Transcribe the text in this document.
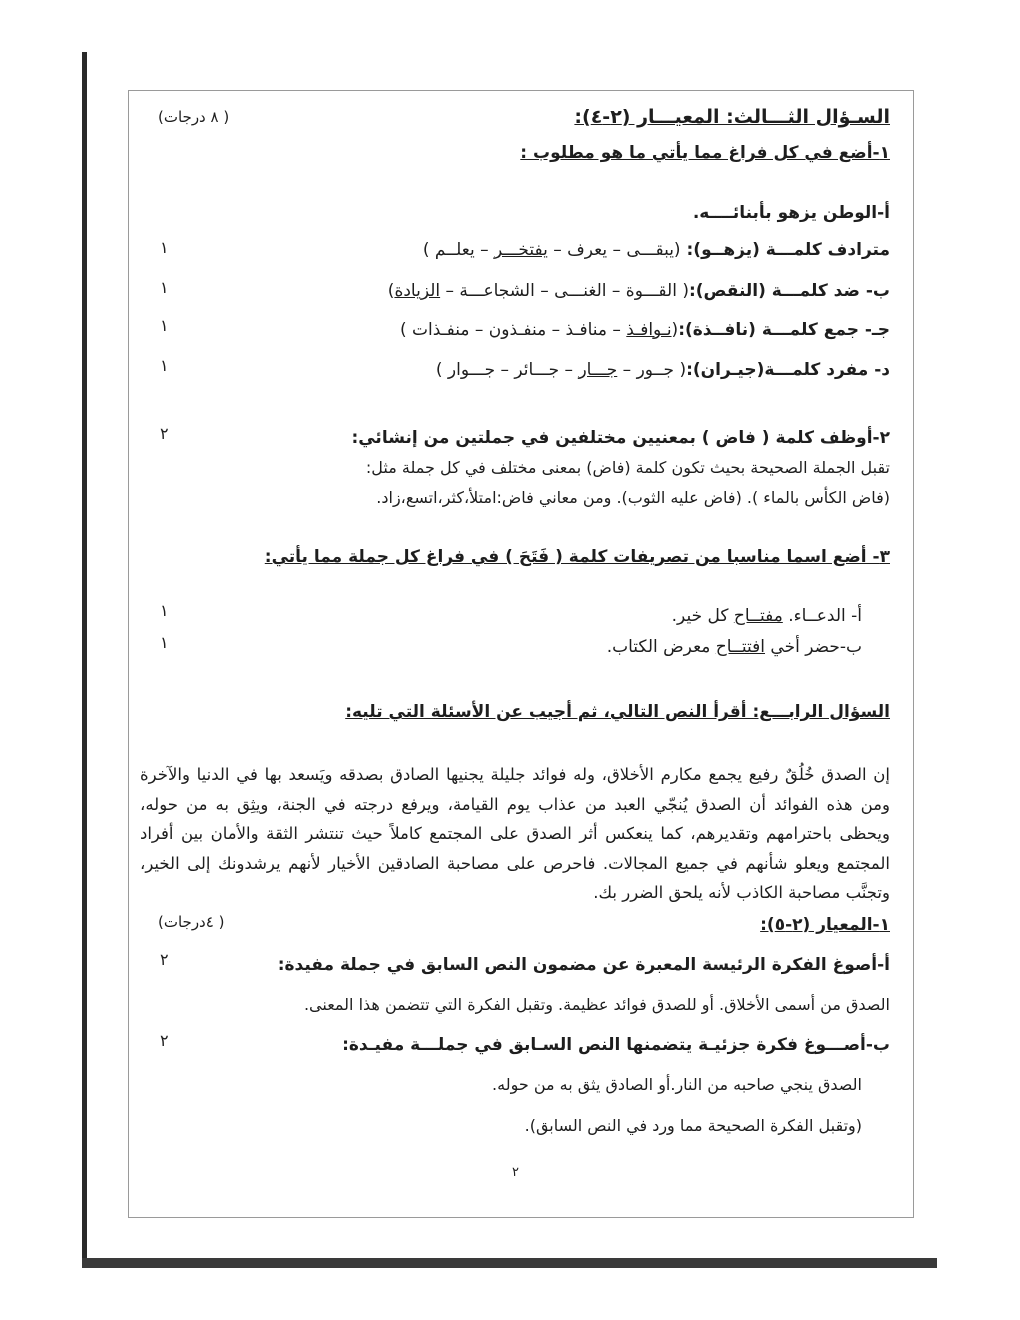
السـؤال الثـــالث: المعيـــار (٢-٤):
( ٨ درجات)
١-أضع في كل فراغ مما يأتي ما هو مطلوب :
أ-الوطن يزهو بأبنائــــه.
مترادف كلمـــة (يزهــو): (يبقـــى – يعرف – يفتخـــر – يعلــم )
١
ب- ضد كلمـــة (النقص):( القـــوة – الغنـــى – الشجاعـــة – الزيادة)
١
جـ- جمع كلمـــة (نافــذة):(نـوافـذ – منافـذ – منفـذون – منفـذات )
١
د- مفرد كلمـــة(جيـران):( جــور – جـــار – جـــائر – جـــوار )
١
٢-أوظف كلمة ( فاض ) بمعنيين مختلفين في جملتين من إنشائي:
٢
تقبل الجملة الصحيحة بحيث تكون كلمة (فاض) بمعنى مختلف في كل جملة مثل:
(فاض الكأس بالماء ). (فاض عليه الثوب). ومن معاني فاض:امتلأ،كثر،اتسع،زاد.
٣- أضع اسما مناسبا من تصريفات كلمة ( فَتَحَ ) في فراغ كل جملة مما يأتي:
أ- الدعــاء. مفتــاح كل خير.
١
ب-حضر أخي افتتــاح معرض الكتاب.
١
السؤال الرابـــع: أقرأ النص التالي، ثم أجيب عن الأسئلة التي تليه:
إن الصدق خُلُقٌ رفيع يجمع مكارم الأخلاق، وله فوائد جليلة يجنيها الصادق بصدقه ويَسعد بها في الدنيا والآخرة ومن هذه الفوائد أن الصدق يُنجّي العبد من عذاب يوم القيامة، ويرفع درجته في الجنة، ويثِق به من حوله، ويحظى باحترامهم وتقديرهم، كما ينعكس أثر الصدق على المجتمع كاملاً حيث تنتشر الثقة والأمان بين أفراد المجتمع ويعلو شأنهم في جميع المجالات. فاحرص على مصاحبة الصادقين الأخيار لأنهم يرشدونك إلى الخير، وتجنَّب مصاحبة الكاذب لأنه يلحق الضرر بك.
١-المعيار (٢-٥):
( ٤درجات)
أ-أصوغ الفكرة الرئيسة المعبرة عن مضمون النص السابق في جملة مفيدة:
٢
الصدق من أسمى الأخلاق. أو للصدق فوائد عظيمة. وتقبل الفكرة التي تتضمن هذا المعنى.
ب-أصـــوغ فكرة جزئيـة يتضمنها النص السـابق في جملـــة مفيـدة:
٢
الصدق ينجي صاحبه من النار.أو الصادق يثق به من حوله.
(وتقبل الفكرة الصحيحة مما ورد في النص السابق).
٢
